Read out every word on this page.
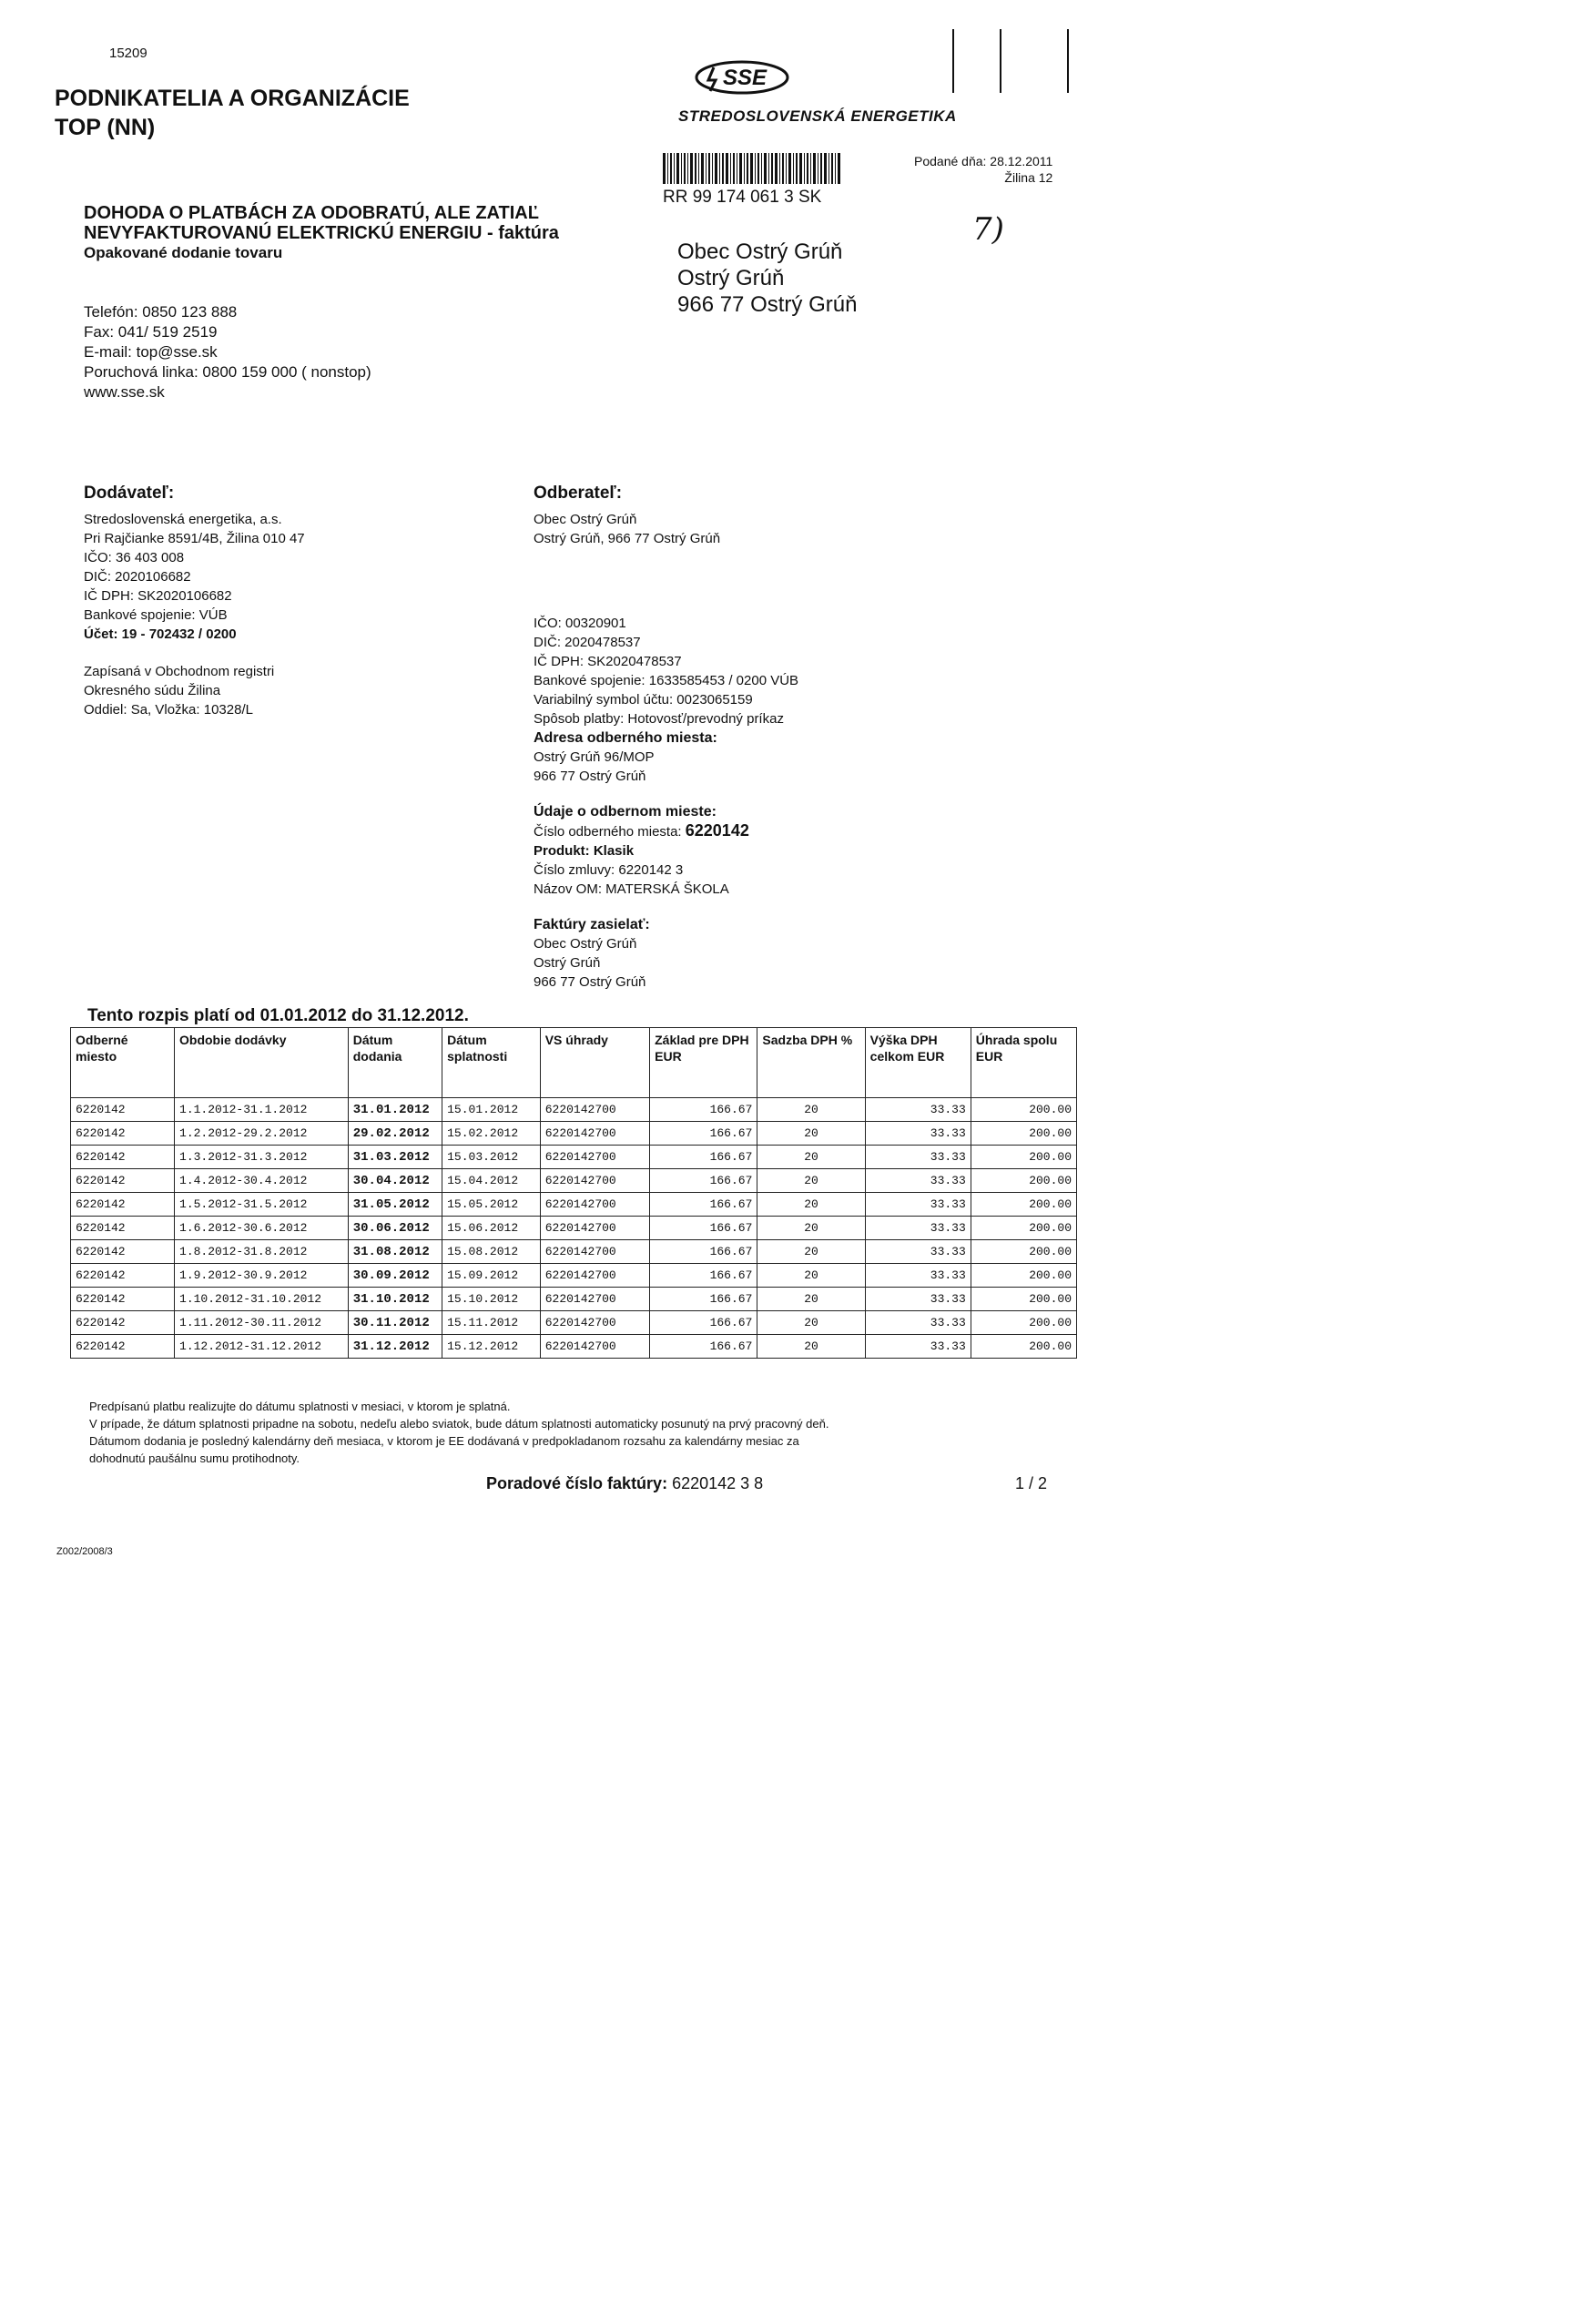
15209
PODNIKATELIA A ORGANIZÁCIE
TOP (NN)
SSE
STREDOSLOVENSKÁ ENERGETIKA
RR 99 174 061 3 SK
Podané dňa: 28.12.2011
Žilina 12
DOHODA O PLATBÁCH ZA ODOBRATÚ, ALE ZATIAĽ
NEVYFAKTUROVANÚ ELEKTRICKÚ ENERGIU - faktúra
Opakované dodanie tovaru	Obec Ostrý Grúň
Ostrý Grúň
966 77 Ostrý Grúň
7)
Telefón: 0850 123 888
Fax: 041/ 519 2519
E-mail: top@sse.sk
Poruchová linka: 0800 159 000 ( nonstop)
www.sse.sk
Dodávateľ:
Stredoslovenská energetika, a.s.
Pri Rajčianke 8591/4B, Žilina 010 47
IČO: 36 403 008
DIČ: 2020106682
IČ DPH: SK2020106682
Bankové spojenie: VÚB
Účet: 19 - 702432 / 0200
Zapísaná v Obchodnom registri
Okresného súdu Žilina
Oddiel: Sa, Vložka: 10328/L
Odberateľ:
Obec Ostrý Grúň
Ostrý Grúň, 966 77 Ostrý Grúň
IČO: 00320901
DIČ: 2020478537
IČ DPH: SK2020478537
Bankové spojenie: 1633585453 / 0200 VÚB
Variabilný symbol účtu: 0023065159
Spôsob platby: Hotovosť/prevodný príkaz
Adresa odberného miesta:
Ostrý Grúň 96/MOP
966 77 Ostrý Grúň
Údaje o odbernom mieste:
Číslo odberného miesta: 6220142
Produkt: Klasik
Číslo zmluvy: 6220142 3
Názov OM: MATERSKÁ ŠKOLA
Faktúry zasielať:
Obec Ostrý Grúň
Ostrý Grúň
966 77 Ostrý Grúň
Tento rozpis platí od 01.01.2012 do 31.12.2012.
Odberné miesto	Obdobie dodávky	Dátum dodania	Dátum splatnosti	VS úhrady	Základ pre DPH EUR	Sadzba DPH %	Výška DPH celkom EUR	Úhrada spolu EUR
6220142	1.1.2012-31.1.2012	31.01.2012	15.01.2012	6220142700	166.67	20	33.33	200.00
6220142	1.2.2012-29.2.2012	29.02.2012	15.02.2012	6220142700	166.67	20	33.33	200.00
6220142	1.3.2012-31.3.2012	31.03.2012	15.03.2012	6220142700	166.67	20	33.33	200.00
6220142	1.4.2012-30.4.2012	30.04.2012	15.04.2012	6220142700	166.67	20	33.33	200.00
6220142	1.5.2012-31.5.2012	31.05.2012	15.05.2012	6220142700	166.67	20	33.33	200.00
6220142	1.6.2012-30.6.2012	30.06.2012	15.06.2012	6220142700	166.67	20	33.33	200.00
6220142	1.8.2012-31.8.2012	31.08.2012	15.08.2012	6220142700	166.67	20	33.33	200.00
6220142	1.9.2012-30.9.2012	30.09.2012	15.09.2012	6220142700	166.67	20	33.33	200.00
6220142	1.10.2012-31.10.2012	31.10.2012	15.10.2012	6220142700	166.67	20	33.33	200.00
6220142	1.11.2012-30.11.2012	30.11.2012	15.11.2012	6220142700	166.67	20	33.33	200.00
6220142	1.12.2012-31.12.2012	31.12.2012	15.12.2012	6220142700	166.67	20	33.33	200.00
Predpísanú platbu realizujte do dátumu splatnosti v mesiaci, v ktorom je splatná.
V prípade, že dátum splatnosti pripadne na sobotu, nedeľu alebo sviatok, bude dátum splatnosti automaticky posunutý na prvý pracovný deň.
Dátumom dodania je posledný kalendárny deň mesiaca, v ktorom je EE dodávaná v predpokladanom rozsahu za kalendárny mesiac za
dohodnutú paušálnu sumu protihodnoty.
Poradové číslo faktúry: 6220142 3 8	1 / 2
Z002/2008/3
